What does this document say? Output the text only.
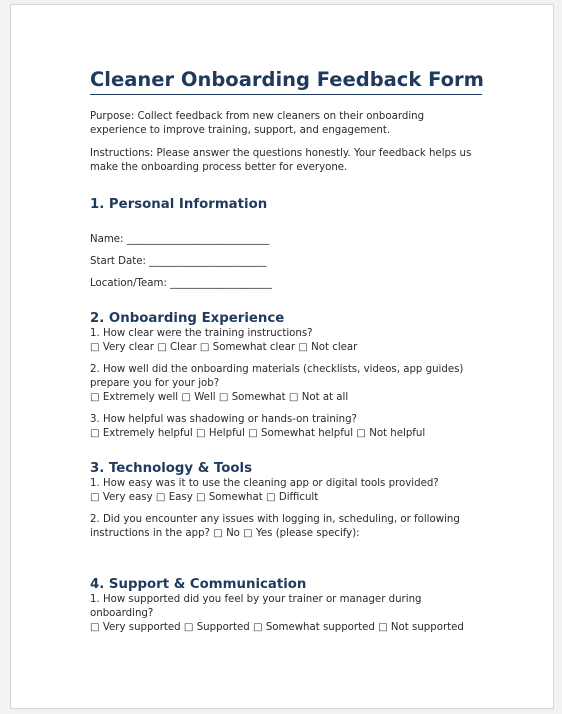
Cleaner Onboarding Feedback Form

Purpose: Collect feedback from new cleaners on their onboarding experience to improve training, support, and engagement.

Instructions: Please answer the questions honestly. Your feedback helps us make the onboarding process better for everyone.

1. Personal Information

Name: ____________________________

Start Date: _______________________

Location/Team: ____________________

2. Onboarding Experience

1. How clear were the training instructions?

□ Very clear □ Clear □ Somewhat clear □ Not clear

2. How well did the onboarding materials (checklists, videos, app guides) prepare you for your job?

□ Extremely well □ Well □ Somewhat □ Not at all

3. How helpful was shadowing or hands-on training?

□ Extremely helpful □ Helpful □ Somewhat helpful □ Not helpful

3. Technology & Tools

1. How easy was it to use the cleaning app or digital tools provided?

□ Very easy □ Easy □ Somewhat □ Difficult

2. Did you encounter any issues with logging in, scheduling, or following instructions in the app? □ No □ Yes (please specify):

4. Support & Communication

1. How supported did you feel by your trainer or manager during onboarding?

□ Very supported □ Supported □ Somewhat supported □ Not supported
